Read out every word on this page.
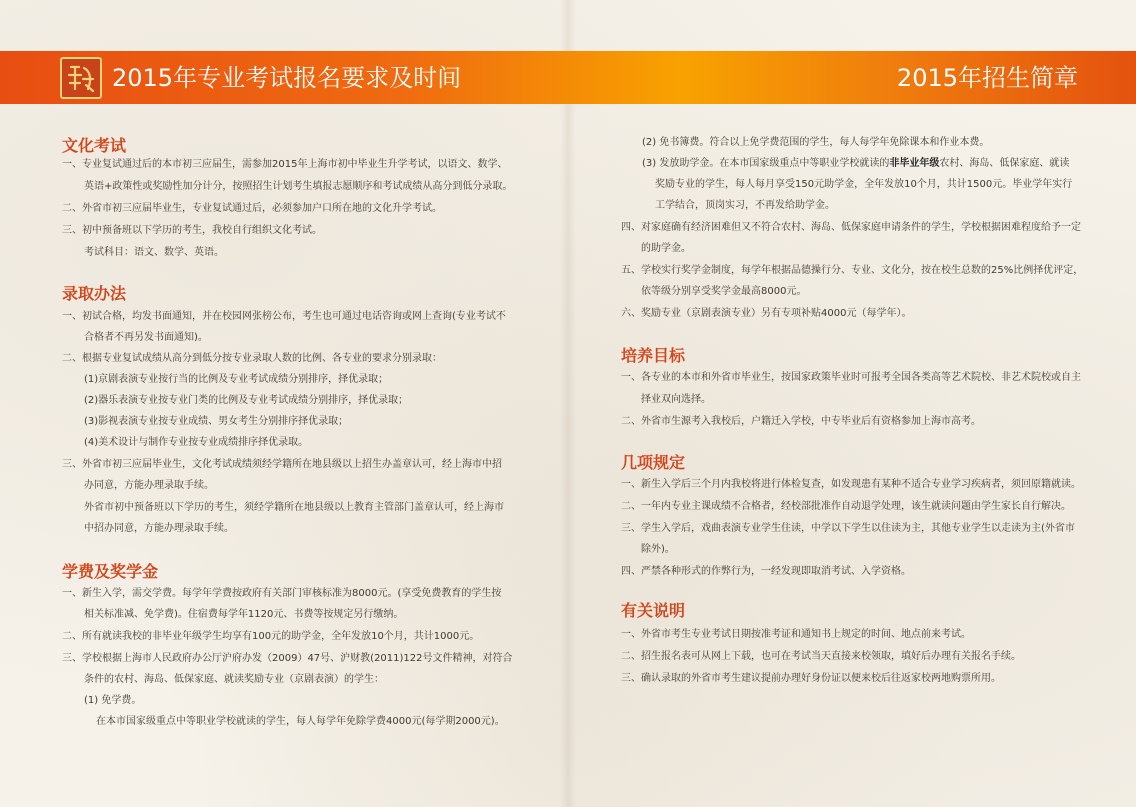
2015年专业考试报名要求及时间	2015年招生简章
文化考试
一、专业复试通过后的本市初三应届生，需参加2015年上海市初中毕业生升学考试，以语文、数学、
英语+政策性或奖励性加分计分，按照招生计划考生填报志愿顺序和考试成绩从高分到低分录取。
二、外省市初三应届毕业生，专业复试通过后，必须参加户口所在地的文化升学考试。
三、初中预备班以下学历的考生，我校自行组织文化考试。
考试科目：语文、数学、英语。
录取办法
一、初试合格，均发书面通知，并在校园网张榜公布，考生也可通过电话咨询或网上查询(专业考试不
合格者不再另发书面通知)。
二、根据专业复试成绩从高分到低分按专业录取人数的比例、各专业的要求分别录取：
(1)京剧表演专业按行当的比例及专业考试成绩分别排序，择优录取；
(2)器乐表演专业按专业门类的比例及专业考试成绩分别排序，择优录取；
(3)影视表演专业按专业成绩、男女考生分别排序择优录取；
(4)美术设计与制作专业按专业成绩排序择优录取。
三、外省市初三应届毕业生，文化考试成绩须经学籍所在地县级以上招生办盖章认可，经上海市中招
办同意，方能办理录取手续。
外省市初中预备班以下学历的考生，须经学籍所在地县级以上教育主管部门盖章认可，经上海市
中招办同意，方能办理录取手续。
学费及奖学金
一、新生入学，需交学费。每学年学费按政府有关部门审核标准为8000元。(享受免费教育的学生按
相关标准减、免学费)。住宿费每学年1120元、书费等按规定另行缴纳。
二、所有就读我校的非毕业年级学生均享有100元的助学金，全年发放10个月，共计1000元。
三、学校根据上海市人民政府办公厅沪府办发（2009）47号、沪财教(2011)122号文件精神，对符合
条件的农村、海岛、低保家庭、就读奖励专业（京剧表演）的学生：
(1) 免学费。
在本市国家级重点中等职业学校就读的学生，每人每学年免除学费4000元(每学期2000元)。
(2) 免书簿费。符合以上免学费范围的学生，每人每学年免除课本和作业本费。
(3) 发放助学金。在本市国家级重点中等职业学校就读的非毕业年级农村、海岛、低保家庭、就读
奖励专业的学生，每人每月享受150元助学金，全年发放10个月，共计1500元。毕业学年实行
工学结合，顶岗实习，不再发给助学金。
四、对家庭确有经济困难但又不符合农村、海岛、低保家庭申请条件的学生，学校根据困难程度给予一定
的助学金。
五、学校实行奖学金制度，每学年根据品德操行分、专业、文化分，按在校生总数的25%比例择优评定，
依等级分别享受奖学金最高8000元。
六、奖励专业（京剧表演专业）另有专项补贴4000元（每学年）。
培养目标
一、各专业的本市和外省市毕业生，按国家政策毕业时可报考全国各类高等艺术院校、非艺术院校或自主
择业双向选择。
二、外省市生源考入我校后，户籍迁入学校，中专毕业后有资格参加上海市高考。
几项规定
一、新生入学后三个月内我校将进行体检复查，如发现患有某种不适合专业学习疾病者，须回原籍就读。
二、一年内专业主课成绩不合格者，经校部批准作自动退学处理，该生就读问题由学生家长自行解决。
三、学生入学后，戏曲表演专业学生住读，中学以下学生以住读为主，其他专业学生以走读为主(外省市
除外)。
四、严禁各种形式的作弊行为，一经发现即取消考试、入学资格。
有关说明
一、外省市考生专业考试日期按准考证和通知书上规定的时间、地点前来考试。
二、招生报名表可从网上下载，也可在考试当天直接来校领取，填好后办理有关报名手续。
三、确认录取的外省市考生建议提前办理好身份证以便来校后往返家校两地购票所用。
